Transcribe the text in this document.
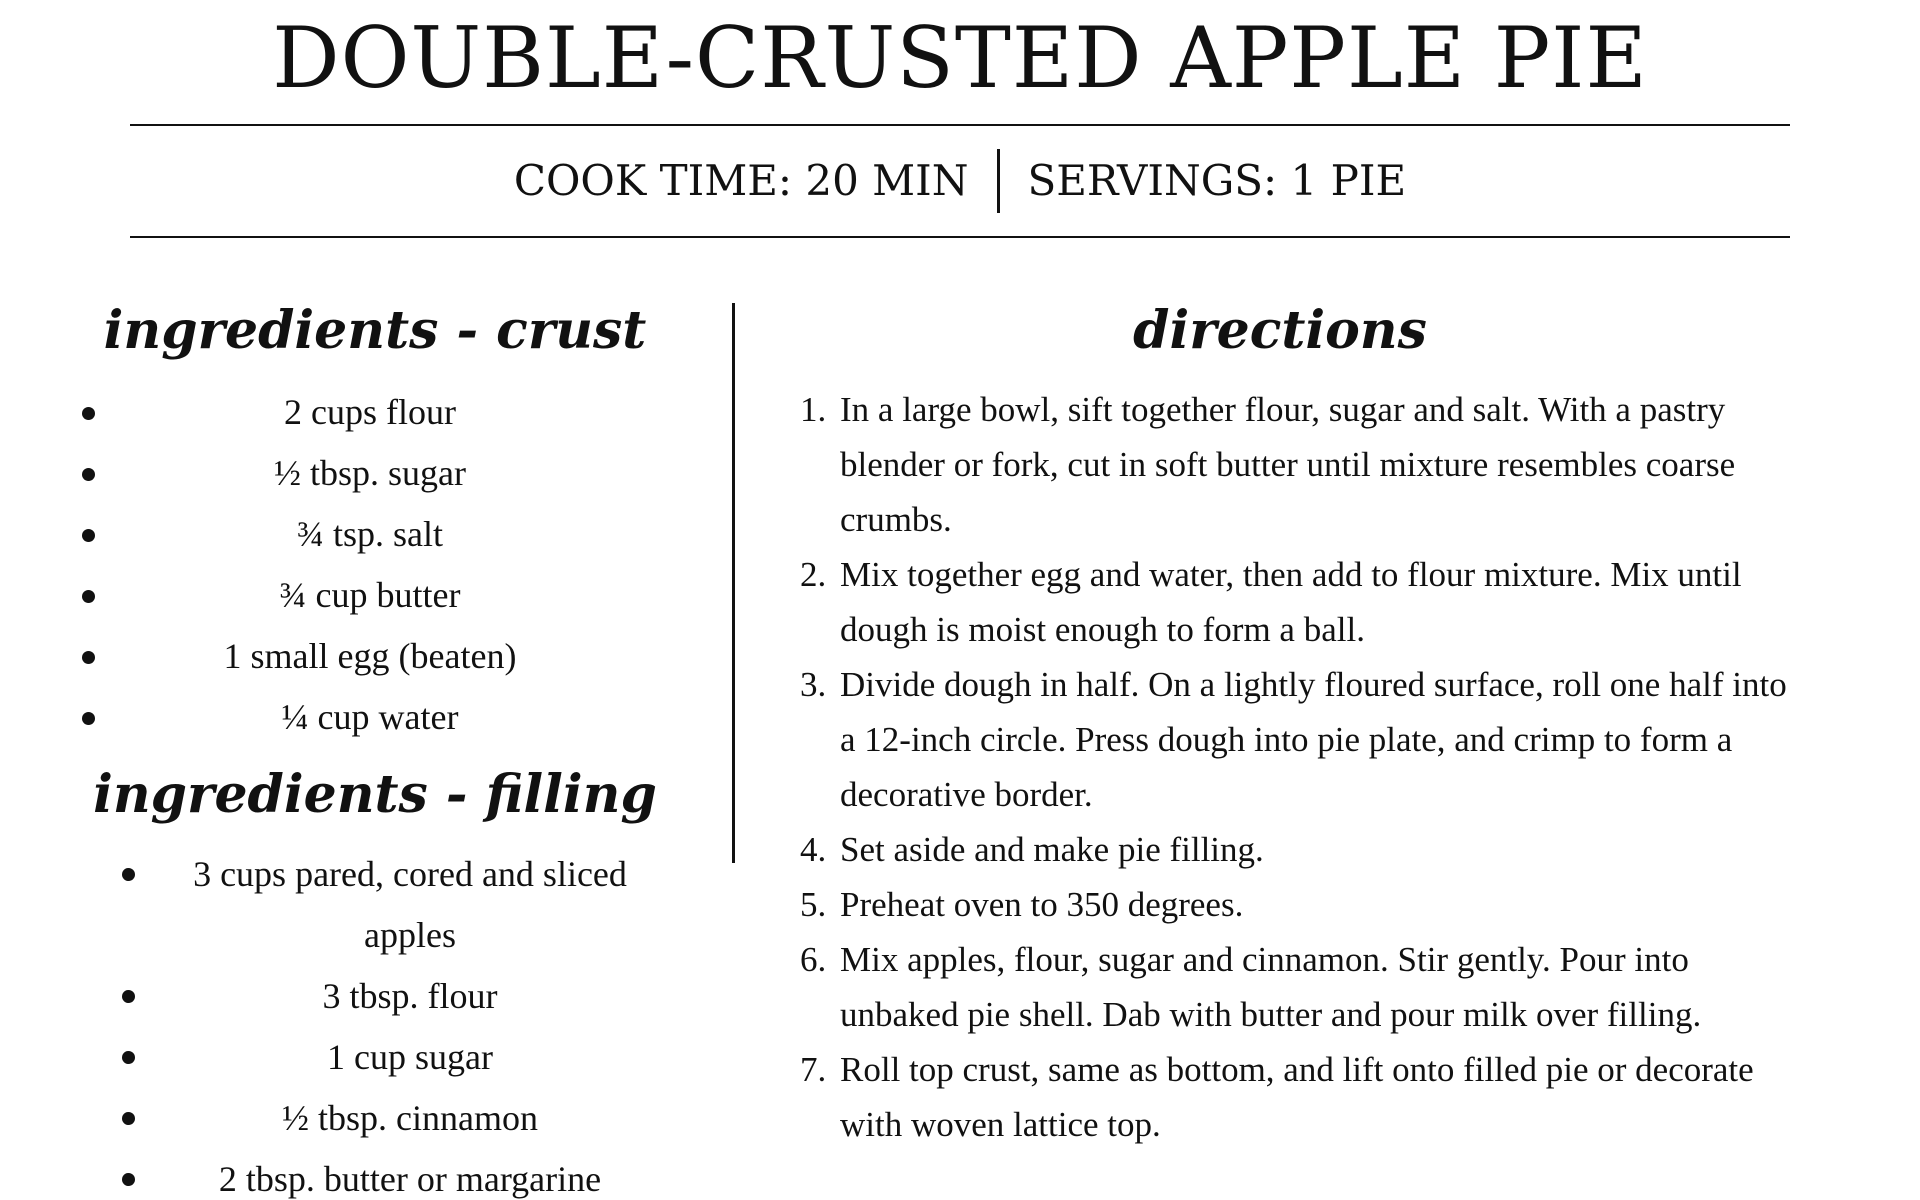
DOUBLE-CRUSTED APPLE PIE
COOK TIME: 20 MIN	SERVINGS: 1 PIE
ingredients - crust
2 cups flour
½ tbsp. sugar
¾ tsp. salt
¾ cup butter
1 small egg (beaten)
¼ cup water
ingredients - filling
3 cups pared, cored and sliced apples
3 tbsp. flour
1 cup sugar
½ tbsp. cinnamon
2 tbsp. butter or margarine
directions
1. In a large bowl, sift together flour, sugar and salt. With a pastry blender or fork, cut in soft butter until mixture resembles coarse crumbs.
2. Mix together egg and water, then add to flour mixture. Mix until dough is moist enough to form a ball.
3. Divide dough in half. On a lightly floured surface, roll one half into a 12-inch circle. Press dough into pie plate, and crimp to form a decorative border.
4. Set aside and make pie filling.
5. Preheat oven to 350 degrees.
6. Mix apples, flour, sugar and cinnamon. Stir gently. Pour into unbaked pie shell. Dab with butter and pour milk over filling.
7. Roll top crust, same as bottom, and lift onto filled pie or decorate with woven lattice top.
